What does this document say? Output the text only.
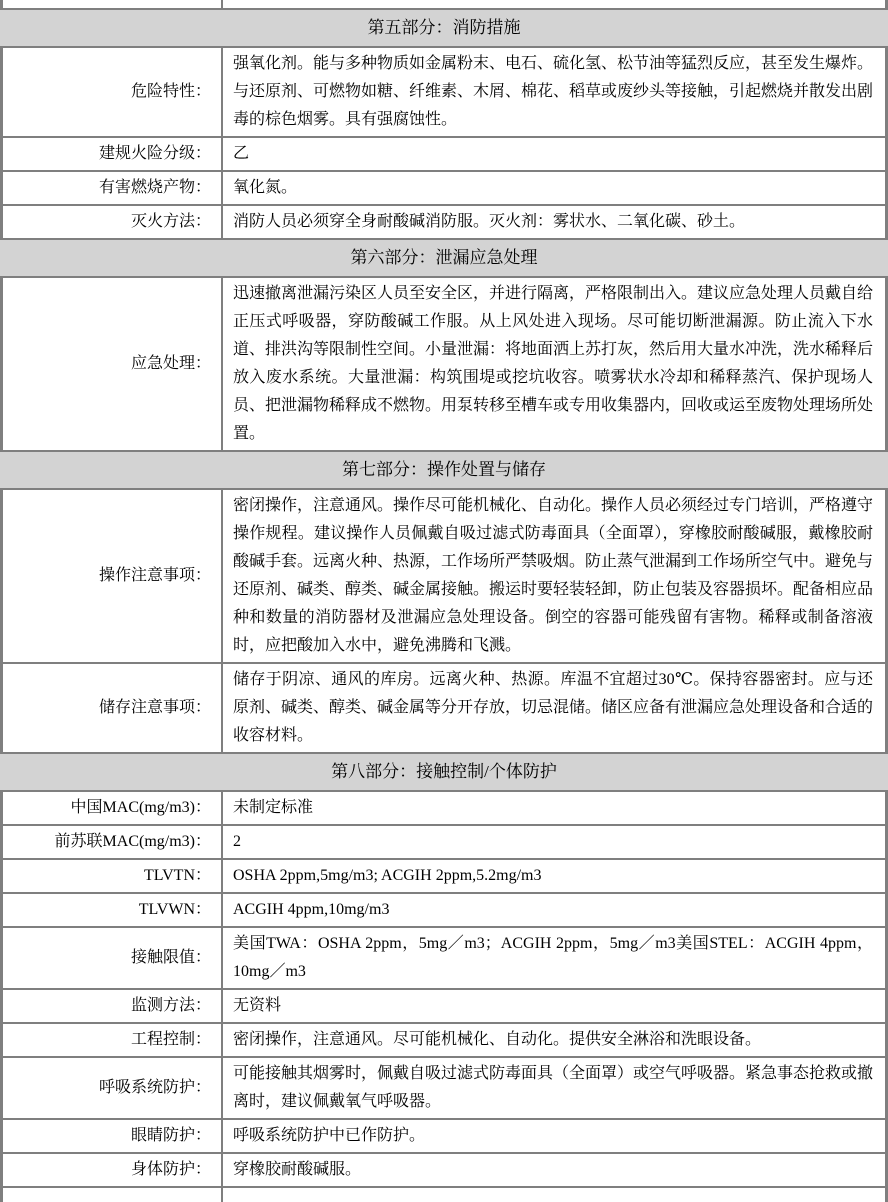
第五部分：消防措施
危险特性：
强氧化剂。能与多种物质如金属粉末、电石、硫化氢、松节油等猛烈反应，甚至发生爆炸。与还原剂、可燃物如糖、纤维素、木屑、棉花、稻草或废纱头等接触，引起燃烧并散发出剧毒的棕色烟雾。具有强腐蚀性。
建规火险分级：	乙
有害燃烧产物：	氧化氮。
灭火方法：	消防人员必须穿全身耐酸碱消防服。灭火剂：雾状水、二氧化碳、砂土。
第六部分：泄漏应急处理
应急处理：
迅速撤离泄漏污染区人员至安全区，并进行隔离，严格限制出入。建议应急处理人员戴自给正压式呼吸器，穿防酸碱工作服。从上风处进入现场。尽可能切断泄漏源。防止流入下水道、排洪沟等限制性空间。小量泄漏：将地面洒上苏打灰，然后用大量水冲洗，洗水稀释后放入废水系统。大量泄漏：构筑围堤或挖坑收容。喷雾状水冷却和稀释蒸汽、保护现场人员、把泄漏物稀释成不燃物。用泵转移至槽车或专用收集器内，回收或运至废物处理场所处置。
第七部分：操作处置与储存
操作注意事项：
密闭操作，注意通风。操作尽可能机械化、自动化。操作人员必须经过专门培训，严格遵守操作规程。建议操作人员佩戴自吸过滤式防毒面具（全面罩），穿橡胶耐酸碱服，戴橡胶耐酸碱手套。远离火种、热源，工作场所严禁吸烟。防止蒸气泄漏到工作场所空气中。避免与还原剂、碱类、醇类、碱金属接触。搬运时要轻装轻卸，防止包装及容器损坏。配备相应品种和数量的消防器材及泄漏应急处理设备。倒空的容器可能残留有害物。稀释或制备溶液时，应把酸加入水中，避免沸腾和飞溅。
储存注意事项：
储存于阴凉、通风的库房。远离火种、热源。库温不宜超过30℃。保持容器密封。应与还原剂、碱类、醇类、碱金属等分开存放，切忌混储。储区应备有泄漏应急处理设备和合适的收容材料。
第八部分：接触控制/个体防护
中国MAC(mg/m3)：	未制定标准
前苏联MAC(mg/m3)：	2
TLVTN：	OSHA 2ppm,5mg/m3; ACGIH 2ppm,5.2mg/m3
TLVWN：	ACGIH 4ppm,10mg/m3
接触限值：
美国TWA：OSHA 2ppm，5mg／m3；ACGIH 2ppm，5mg／m3美国STEL：ACGIH 4ppm，10mg／m3
监测方法：	无资料
工程控制：	密闭操作，注意通风。尽可能机械化、自动化。提供安全淋浴和洗眼设备。
呼吸系统防护：
可能接触其烟雾时，佩戴自吸过滤式防毒面具（全面罩）或空气呼吸器。紧急事态抢救或撤离时，建议佩戴氧气呼吸器。
眼睛防护：	呼吸系统防护中已作防护。
身体防护：	穿橡胶耐酸碱服。
